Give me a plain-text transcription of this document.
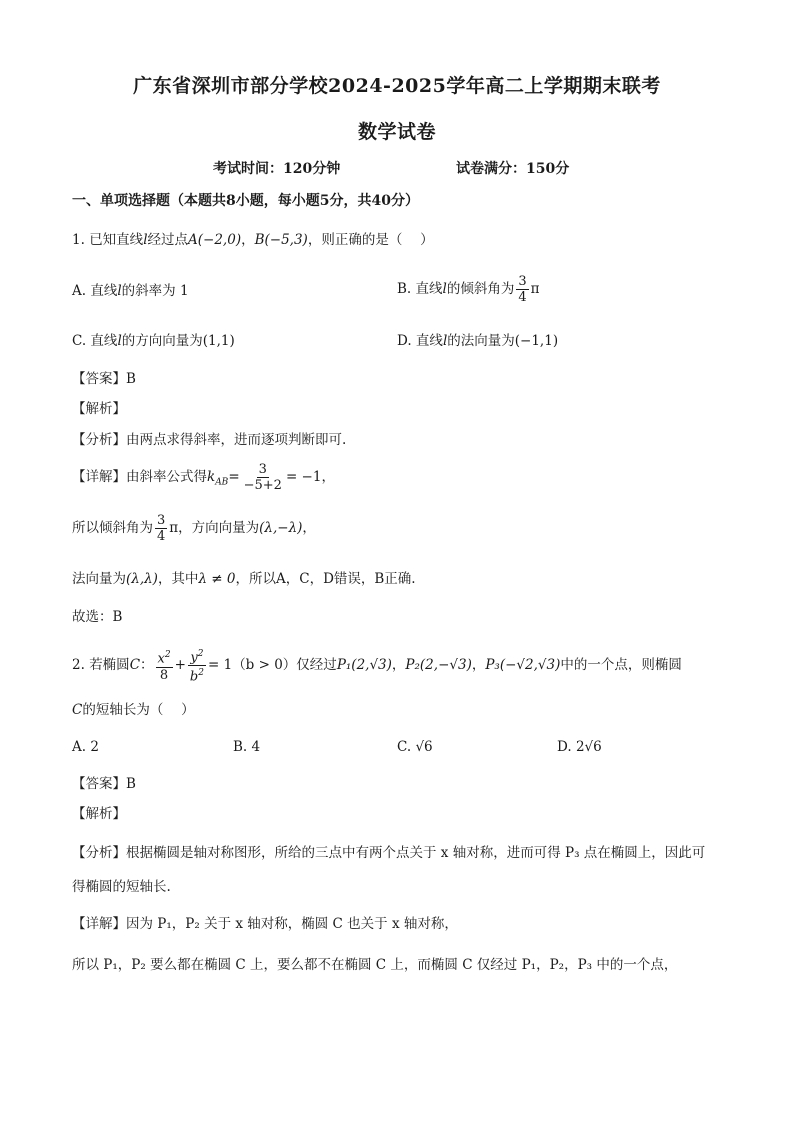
广东省深圳市部分学校2024-2025学年高二上学期期末联考
数学试卷
考试时间：120分钟	试卷满分：150分
一、单项选择题（本题共8小题，每小题5分，共40分）
1. 已知直线l经过点A(−2,0)，B(−5,3)，则正确的是（　 ）
A. 直线l的斜率为 1	B. 直线l的倾斜角为 $\frac{3}{4}$ π
C. 直线l的方向向量为(1,1)	D. 直线l的法向量为(−1,1)
【答案】B
【解析】
【分析】由两点求得斜率，进而逐项判断即可.
【详解】由斜率公式得$k_{AB}= \frac{3}{-5+2} = -1$，
所以倾斜角为 $\frac{3}{4}$ π，方向向量为(λ,−λ)，
法向量为(λ,λ)，其中λ ≠ 0，所以A，C，D错误，B正确.
故选：B
2. 若椭圆C： $\frac{x^2}{8} + \frac{y^2}{b^2} = 1(b > 0)$仅经过P₁(2,√3)，P₂(2,−√3)，P₃(−√2,√3)中的一个点，则椭圆
C的短轴长为（　 ）
A. 2	B. 4	C. √6	D. 2√6
【答案】B
【解析】
【分析】根据椭圆是轴对称图形，所给的三点中有两个点关于 x 轴对称，进而可得 P₃ 点在椭圆上，因此可
得椭圆的短轴长.
【详解】因为 P₁，P₂ 关于 x 轴对称，椭圆 C 也关于 x 轴对称，
所以 P₁，P₂ 要么都在椭圆 C 上，要么都不在椭圆 C 上，而椭圆 C 仅经过 P₁，P₂，P₃ 中的一个点，
